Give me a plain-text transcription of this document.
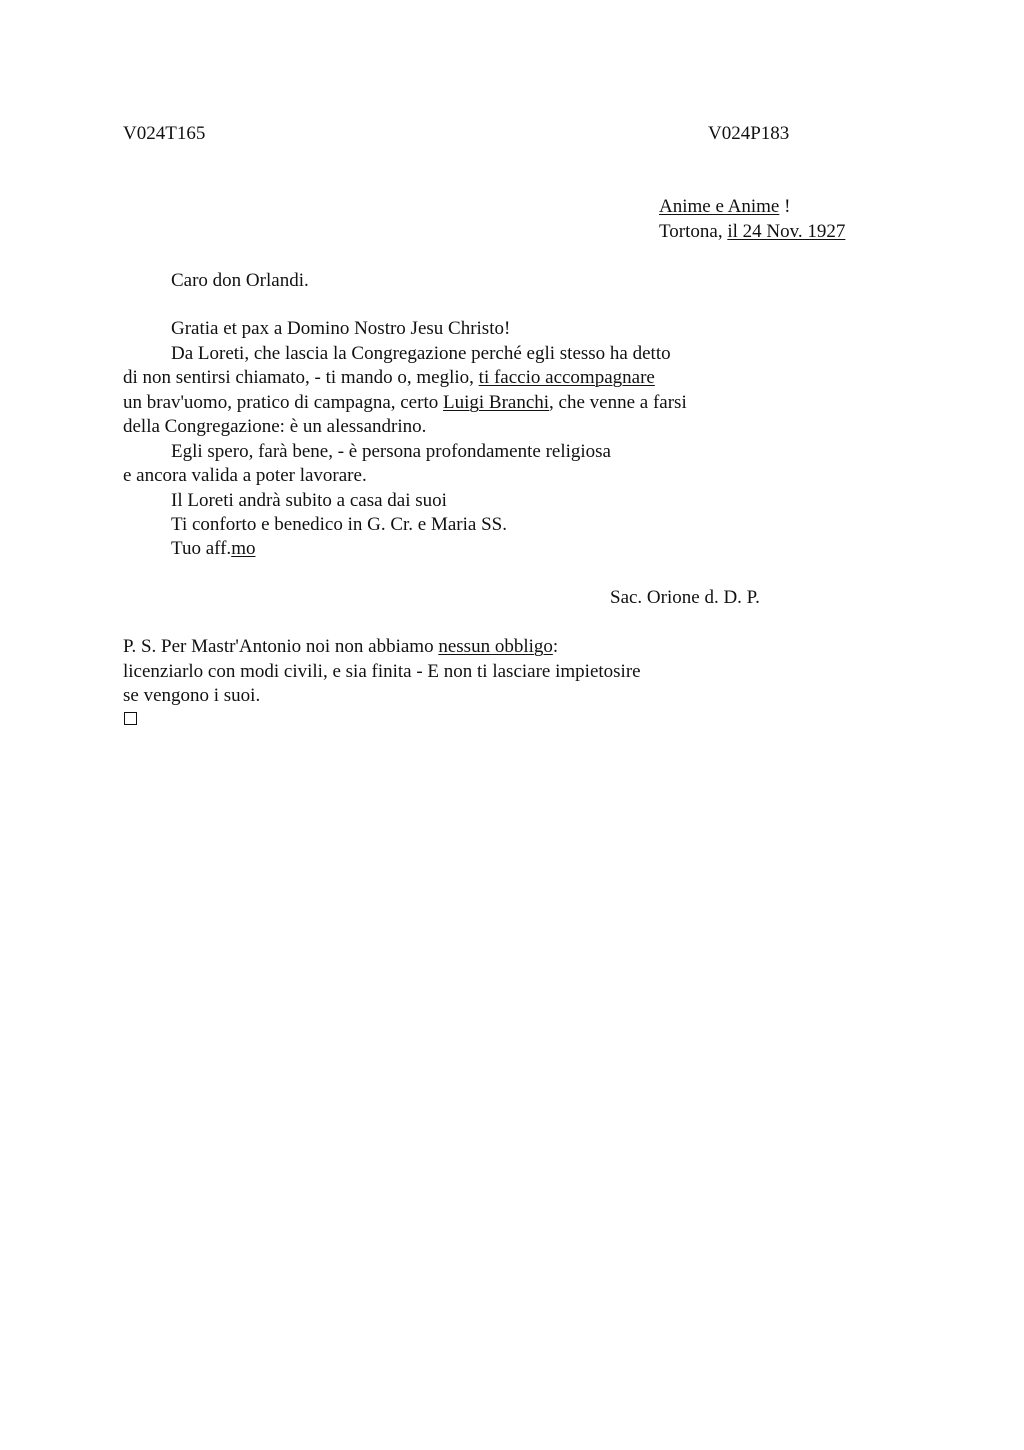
V024T165	V024P183
Anime e Anime !
Tortona, il 24 Nov. 1927
Caro don Orlandi.
Gratia et pax a Domino Nostro Jesu Christo!
Da Loreti, che lascia la Congregazione perché egli stesso ha detto
di non sentirsi chiamato, - ti mando o, meglio, ti faccio accompagnare
un brav'uomo, pratico di campagna, certo Luigi Branchi, che venne a farsi
della Congregazione: è un alessandrino.
Egli spero, farà bene, - è persona profondamente religiosa
e ancora valida a poter lavorare.
Il Loreti andrà subito a casa dai suoi
Ti conforto e benedico in G. Cr. e Maria SS.
Tuo aff.mo
Sac. Orione d. D. P.
P. S. Per Mastr'Antonio noi non abbiamo nessun obbligo:
licenziarlo con modi civili, e sia finita - E non ti lasciare impietosire
se vengono i suoi.
